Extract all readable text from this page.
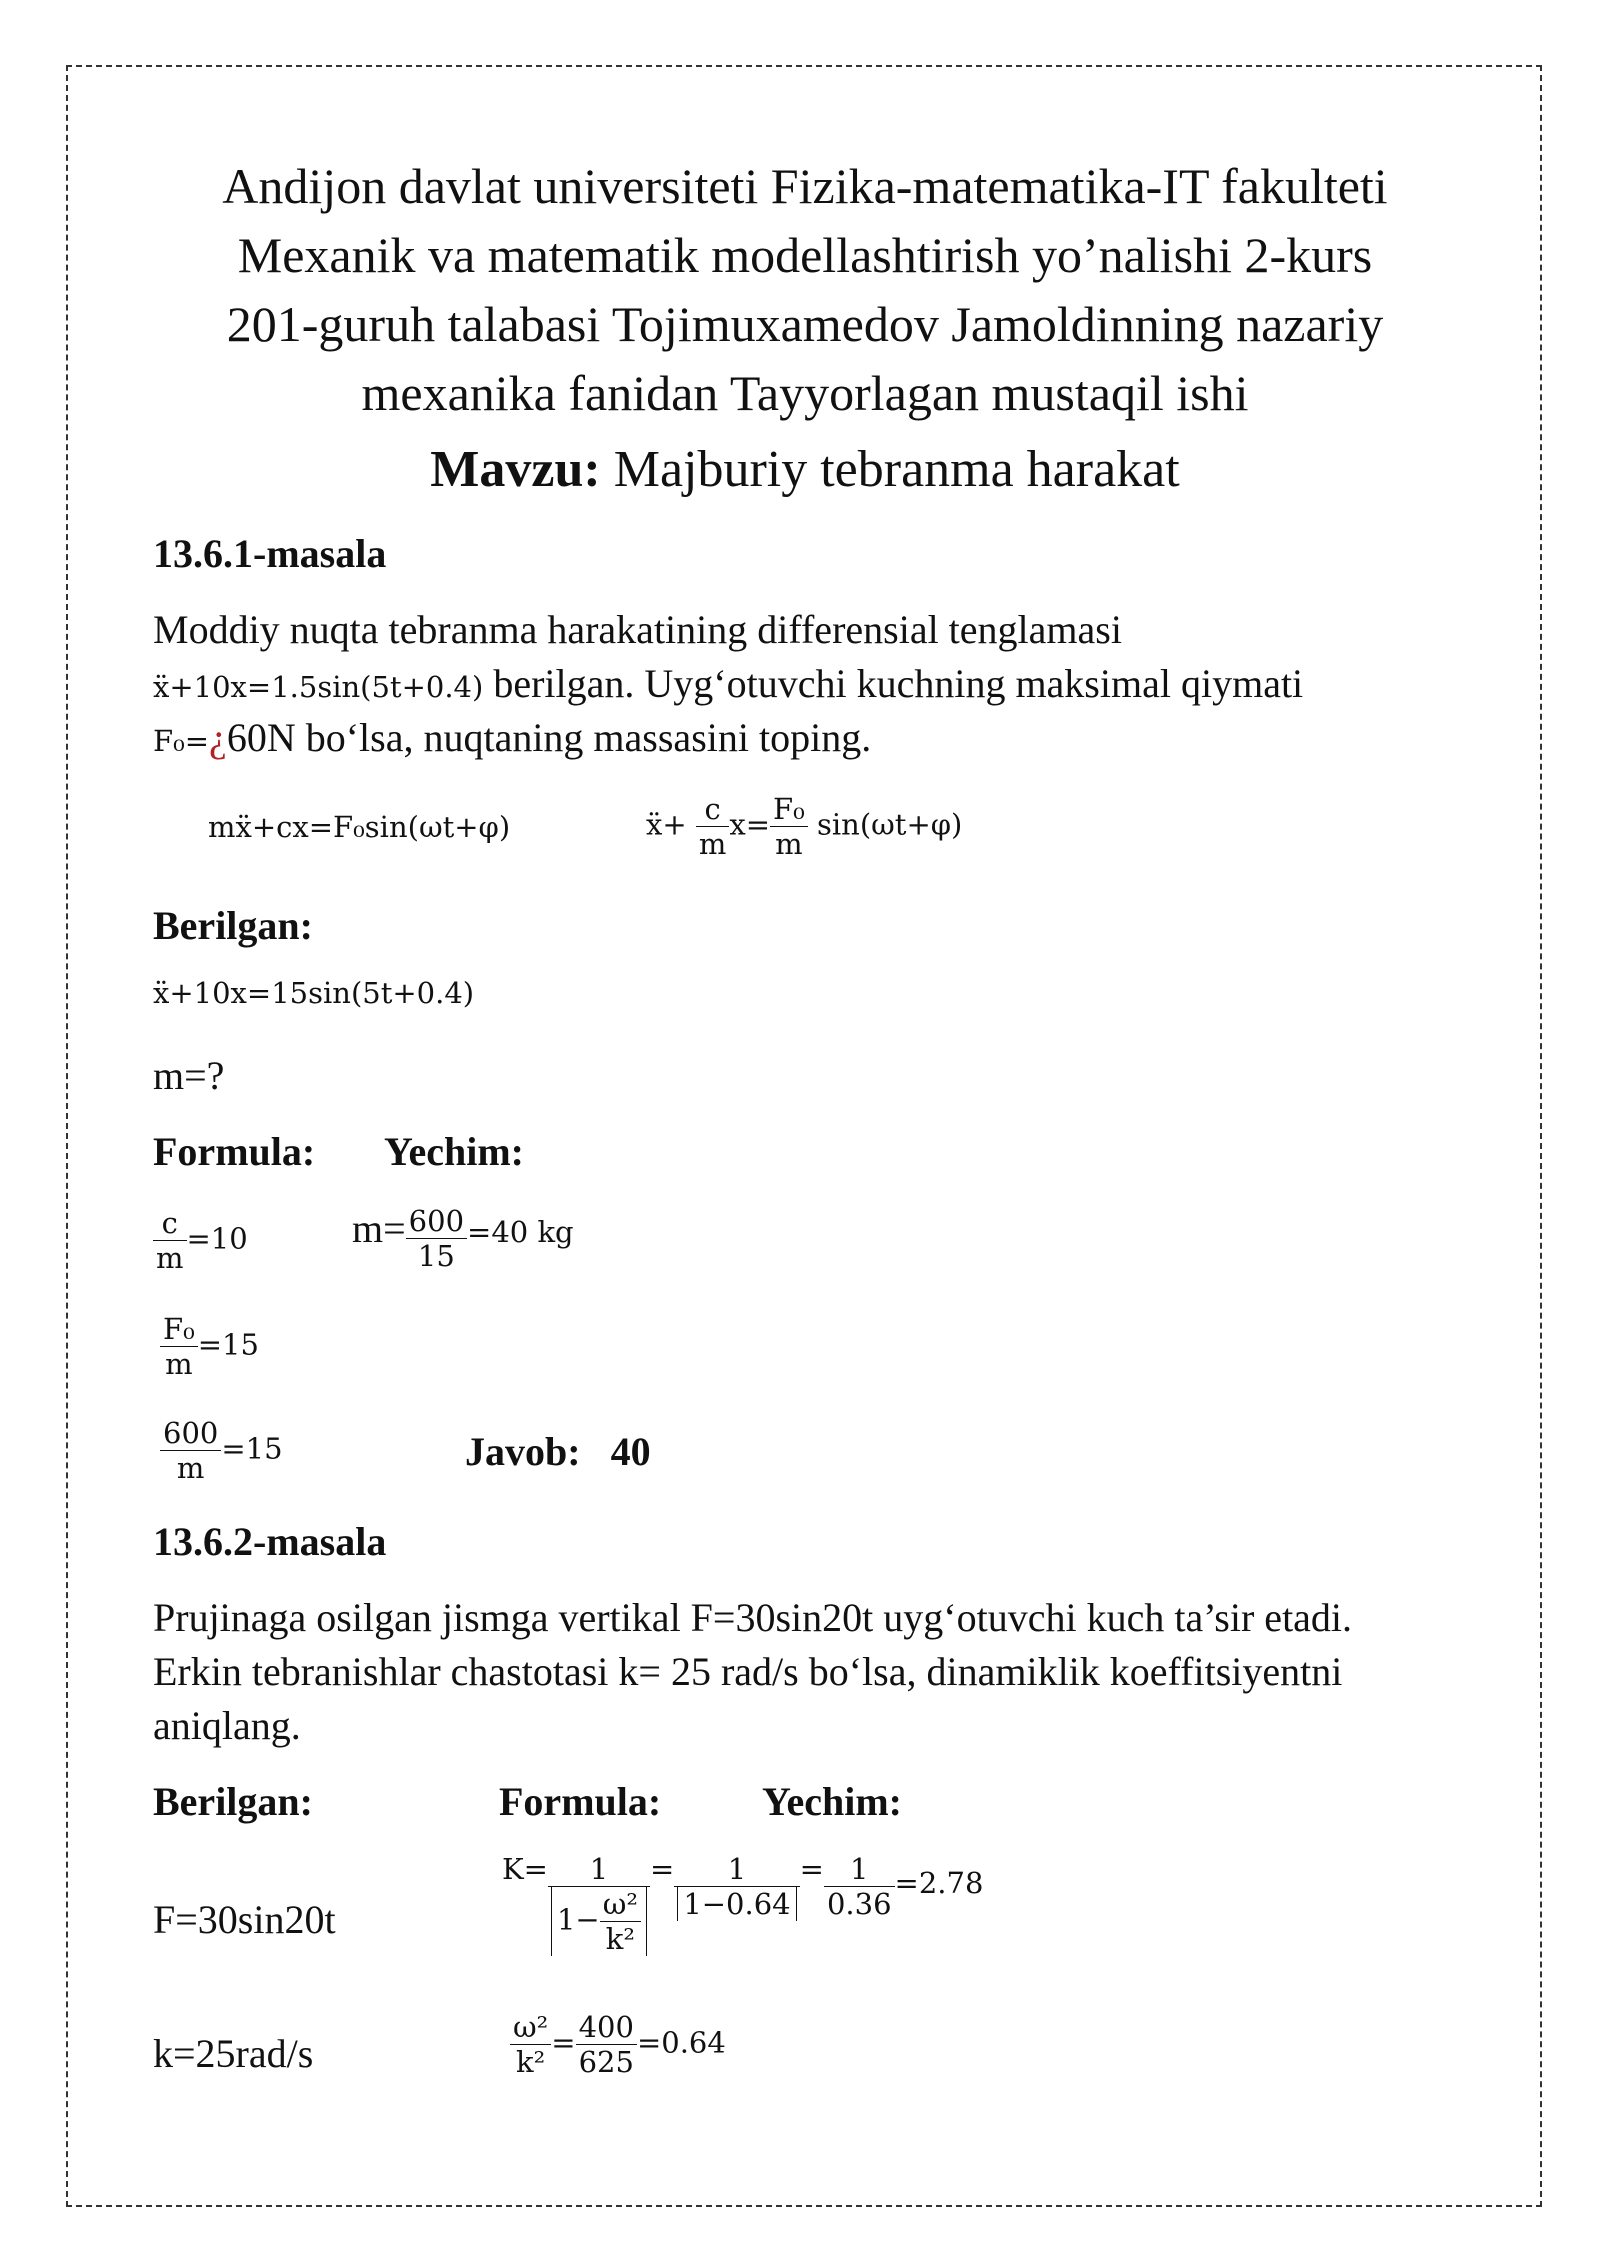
Andijon davlat universiteti Fizika-matematika-IT fakulteti
Mexanik va matematik modellashtirish yo’nalishi 2-kurs
201-guruh talabasi Tojimuxamedov Jamoldinning nazariy
mexanika fanidan Tayyorlagan mustaqil ishi
Mavzu: Majburiy tebranma harakat
13.6.1-masala
Moddiy nuqta tebranma harakatining differensial tenglamasi
ẍ+10x=1.5sin(5t+0.4) berilgan. Uyg‘otuvchi kuchning maksimal qiymati
F₀=¿60N bo‘lsa, nuqtaning massasini toping.
mẍ+cx=F₀sin(ωt+φ)	ẍ+ $\frac{c}{m} x= \frac{\text{F₀}}{m} \sin(\omega t+\varphi)$
Berilgan:
ẍ+10x=15sin(5t+0.4)
m=?
Formula: Yechim:
$\frac{c}{m} =10$	$m= \frac{600}{15} =40$ kg
$\frac{\text{F₀}}{m} =15$
$\frac{600}{m} =15$	Javob: 40
13.6.2-masala
Prujinaga osilgan jismga vertikal F=30sin20t uyg‘otuvchi kuch ta’sir etadi.
Erkin tebranishlar chastotasi k= 25 rad/s bo‘lsa, dinamiklik koeffitsiyentni
aniqlang.
Berilgan:	Formula:	Yechim:
F=30sin20t
k=25rad/s
$K= \frac{1}{1- \frac{\text{ω²}}{\text{k²}}} = \frac{1}{1-0.64} = \frac{1}{0.36} =2.78$
$\frac{\text{ω²}}{\text{k²}} = \frac{400}{625} =0.64$
